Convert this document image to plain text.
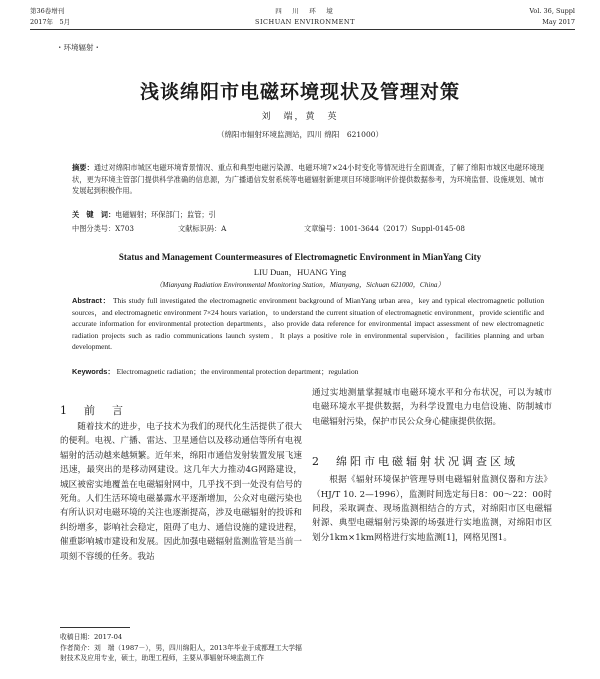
第36卷增刊
2017年　5月
四　川　环　境
SICHUAN ENVIRONMENT
Vol. 36, Suppl
May 2017
・环境辐射・
浅谈绵阳市电磁环境现状及管理对策
刘　端，黄　英
（绵阳市辐射环境监测站，四川 绵阳　621000）
摘要：通过对绵阳市城区电磁环境背景情况、重点和典型电磁污染源、电磁环境7×24小时变化等情况进行全面调查，了解了绵阳市城区电磁环境现状，更为环境主管部门提供科学准确的信息源，为广播通信发射系统等电磁辐射新建项目环境影响评价提供数据参考，为环境监督、设施规划、城市发展起到积极作用。
关　键　词：电磁辐射；环保部门；监管；引
中图分类号：X703	文献标识码：A	文章编号：1001-3644（2017）Suppl-0145-08
Status and Management Countermeasures of Electromagnetic Environment in MianYang City
LIU Duan，HUANG Ying
（Mianyang Radiation Environmental Monitoring Station，Mianyang，Sichuan 621000，China）
Abstract： This study full investigated the electromagnetic environment background of MianYang urban area，key and typical electromagnetic pollution sources，and electromagnetic environment 7×24 hours variation，to understand the current situation of electromagnetic environment，provide scientific and accurate information for environmental protection departments，also provide data reference for environmental impact assessment of new electromagnetic radiation projects such as radio communications launch system．It plays a positive role in environmental supervision，facilities planning and urban development.
Keywords： Electromagnetic radiation；the environmental protection department；regulation
1　前　言
随着技术的进步，电子技术为我们的现代化生活提供了很大的便利。电视、广播、雷达、卫星通信以及移动通信等所有电视辐射的活动越来越频繁。近年来，绵阳市通信发射装置发展飞速迅速，最突出的是移动网建设。这几年大力推动4G网路建设，城区被密实地覆盖在电磁辐射网中，几乎找不到一处没有信号的死角。人们生活环境电磁暴露水平逐渐增加，公众对电磁污染也有所认识对电磁环境的关注也逐渐提高，涉及电磁辐射的投诉和纠纷增多，影响社会稳定，阻碍了电力、通信设施的建设进程，催重影响城市建设和发展。因此加强电磁辐射监测监管是当前一项刻不容缓的任务。我站
通过实地测量掌握城市电磁环境水平和分布状况，可以为城市电磁环境水平提供数据，为科学设置电力电信设施、防制城市电磁辐射污染，保护市民公众身心健康提供依据。
2　绵阳市电磁辐射状况调查区域
根据《辐射环境保护管理导则电磁辐射监测仪器和方法》（HJ/T 10. 2—1996），监测时间选定每日8：00～22：00时间段，采取调查、现场监测相结合的方式，对绵阳市区电磁辐射源、典型电磁辐射污染源的场强进行实地监测，对绵阳市区划分1km×1km网格进行实地监测[1]，网格见图1。
收稿日期：2017-04
作者简介：刘　端（1987－），男，四川绵阳人，2013年毕业于成都理工大学辐射技术及应用专业，硕士，助理工程师，主要从事辐射环境监测工作
